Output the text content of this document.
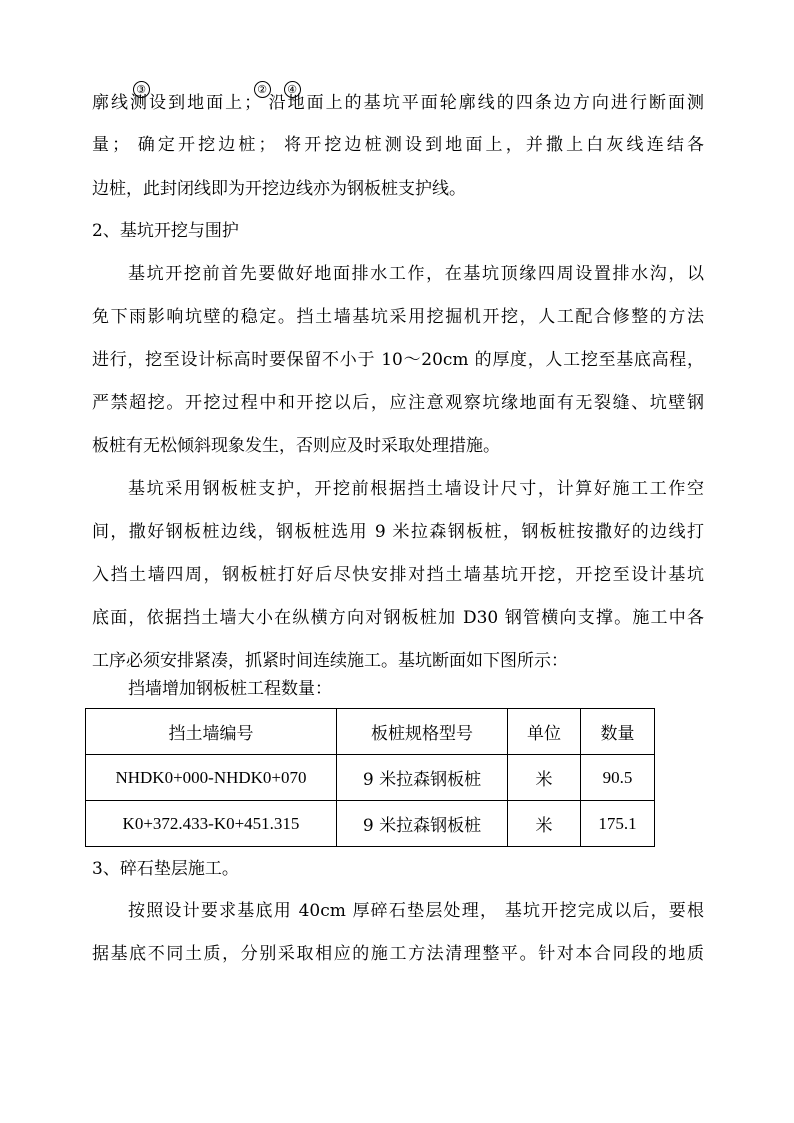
③	②	④
廓线测设到地面上； 沿地面上的基坑平面轮廓线的四条边方向进行断面测
量； 确定开挖边桩； 将开挖边桩测设到地面上，并撒上白灰线连结各
边桩，此封闭线即为开挖边线亦为钢板桩支护线。
2、基坑开挖与围护
基坑开挖前首先要做好地面排水工作，在基坑顶缘四周设置排水沟，以
免下雨影响坑壁的稳定。挡土墙基坑采用挖掘机开挖，人工配合修整的方法
进行，挖至设计标高时要保留不小于 10～20cm 的厚度，人工挖至基底高程，
严禁超挖。开挖过程中和开挖以后，应注意观察坑缘地面有无裂缝、坑壁钢
板桩有无松倾斜现象发生，否则应及时采取处理措施。
基坑采用钢板桩支护，开挖前根据挡土墙设计尺寸，计算好施工工作空
间，撒好钢板桩边线，钢板桩选用 9 米拉森钢板桩，钢板桩按撒好的边线打
入挡土墙四周，钢板桩打好后尽快安排对挡土墙基坑开挖，开挖至设计基坑
底面，依据挡土墙大小在纵横方向对钢板桩加 D30 钢管横向支撑。施工中各
工序必须安排紧凑，抓紧时间连续施工。基坑断面如下图所示：
挡墙增加钢板桩工程数量：
挡土墙编号	板桩规格型号	单位	数量
NHDK0+000-NHDK0+070	9 米拉森钢板桩	米	90.5
K0+372.433-K0+451.315	9 米拉森钢板桩	米	175.1
3、碎石垫层施工。
按照设计要求基底用 40cm 厚碎石垫层处理， 基坑开挖完成以后，要根
据基底不同土质，分别采取相应的施工方法清理整平。针对本合同段的地质
